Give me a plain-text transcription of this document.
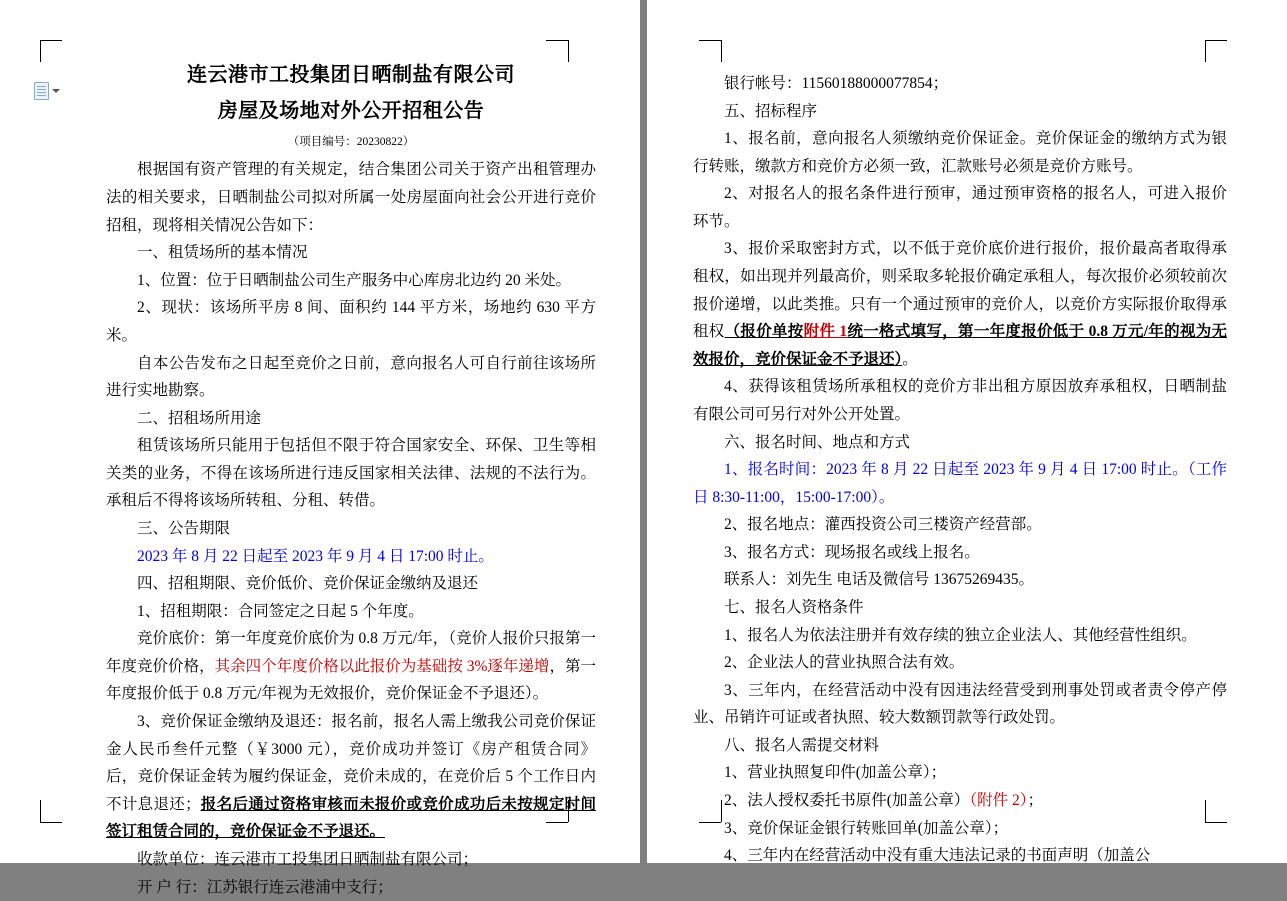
连云港市工投集团日晒制盐有限公司
房屋及场地对外公开招租公告

（项目编号：20230822）

根据国有资产管理的有关规定，结合集团公司关于资产出租管理办法的相关要求，日晒制盐公司拟对所属一处房屋面向社会公开进行竞价招租，现将相关情况公告如下：

一、租赁场所的基本情况

1、位置：位于日晒制盐公司生产服务中心库房北边约 20 米处。

2、现状：该场所平房 8 间、面积约 144 平方米，场地约 630 平方米。

自本公告发布之日起至竞价之日前，意向报名人可自行前往该场所进行实地勘察。

二、招租场所用途

租赁该场所只能用于包括但不限于符合国家安全、环保、卫生等相关类的业务，不得在该场所进行违反国家相关法律、法规的不法行为。承租后不得将该场所转租、分租、转借。

三、公告期限

2023 年 8 月 22 日起至 2023 年 9 月 4 日 17:00 时止。

四、招租期限、竞价低价、竞价保证金缴纳及退还

1、招租期限：合同签定之日起 5 个年度。

竞价底价：第一年度竞价底价为 0.8 万元/年，（竞价人报价只报第一年度竞价价格，其余四个年度价格以此报价为基础按 3%逐年递增，第一年度报价低于 0.8 万元/年视为无效报价，竞价保证金不予退还）。

3、竞价保证金缴纳及退还：报名前，报名人需上缴我公司竞价保证金人民币叁仟元整（￥3000 元），竞价成功并签订《房产租赁合同》后，竞价保证金转为履约保证金，竞价未成的，在竞价后 5 个工作日内不计息退还；报名后通过资格审核而未报价或竞价成功后未按规定时间签订租赁合同的，竞价保证金不予退还。

收款单位：连云港市工投集团日晒制盐有限公司；

开 户 行：江苏银行连云港浦中支行；

银行帐号：11560188000077854；

五、招标程序

1、报名前，意向报名人须缴纳竞价保证金。竞价保证金的缴纳方式为银行转账，缴款方和竞价方必须一致，汇款账号必须是竞价方账号。

2、对报名人的报名条件进行预审，通过预审资格的报名人，可进入报价环节。

3、报价采取密封方式，以不低于竞价底价进行报价，报价最高者取得承租权，如出现并列最高价，则采取多轮报价确定承租人，每次报价必须较前次报价递增，以此类推。只有一个通过预审的竞价人，以竞价方实际报价取得承租权（报价单按附件 1统一格式填写，第一年度报价低于 0.8 万元/年的视为无效报价，竞价保证金不予退还）。

4、获得该租赁场所承租权的竞价方非出租方原因放弃承租权，日晒制盐有限公司可另行对外公开处置。

六、报名时间、地点和方式

1、报名时间：2023 年 8 月 22 日起至 2023 年 9 月 4 日 17:00 时止。（工作日 8:30-11:00，15:00-17:00）。

2、报名地点：灌西投资公司三楼资产经营部。

3、报名方式：现场报名或线上报名。

联系人：刘先生 电话及微信号 13675269435。

七、报名人资格条件

1、报名人为依法注册并有效存续的独立企业法人、其他经营性组织。

2、企业法人的营业执照合法有效。

3、三年内，在经营活动中没有因违法经营受到刑事处罚或者责令停产停业、吊销许可证或者执照、较大数额罚款等行政处罚。

八、报名人需提交材料

1、营业执照复印件(加盖公章）；

2、法人授权委托书原件(加盖公章）（附件 2）；

3、竞价保证金银行转账回单(加盖公章）；

4、三年内在经营活动中没有重大违法记录的书面声明（加盖公
